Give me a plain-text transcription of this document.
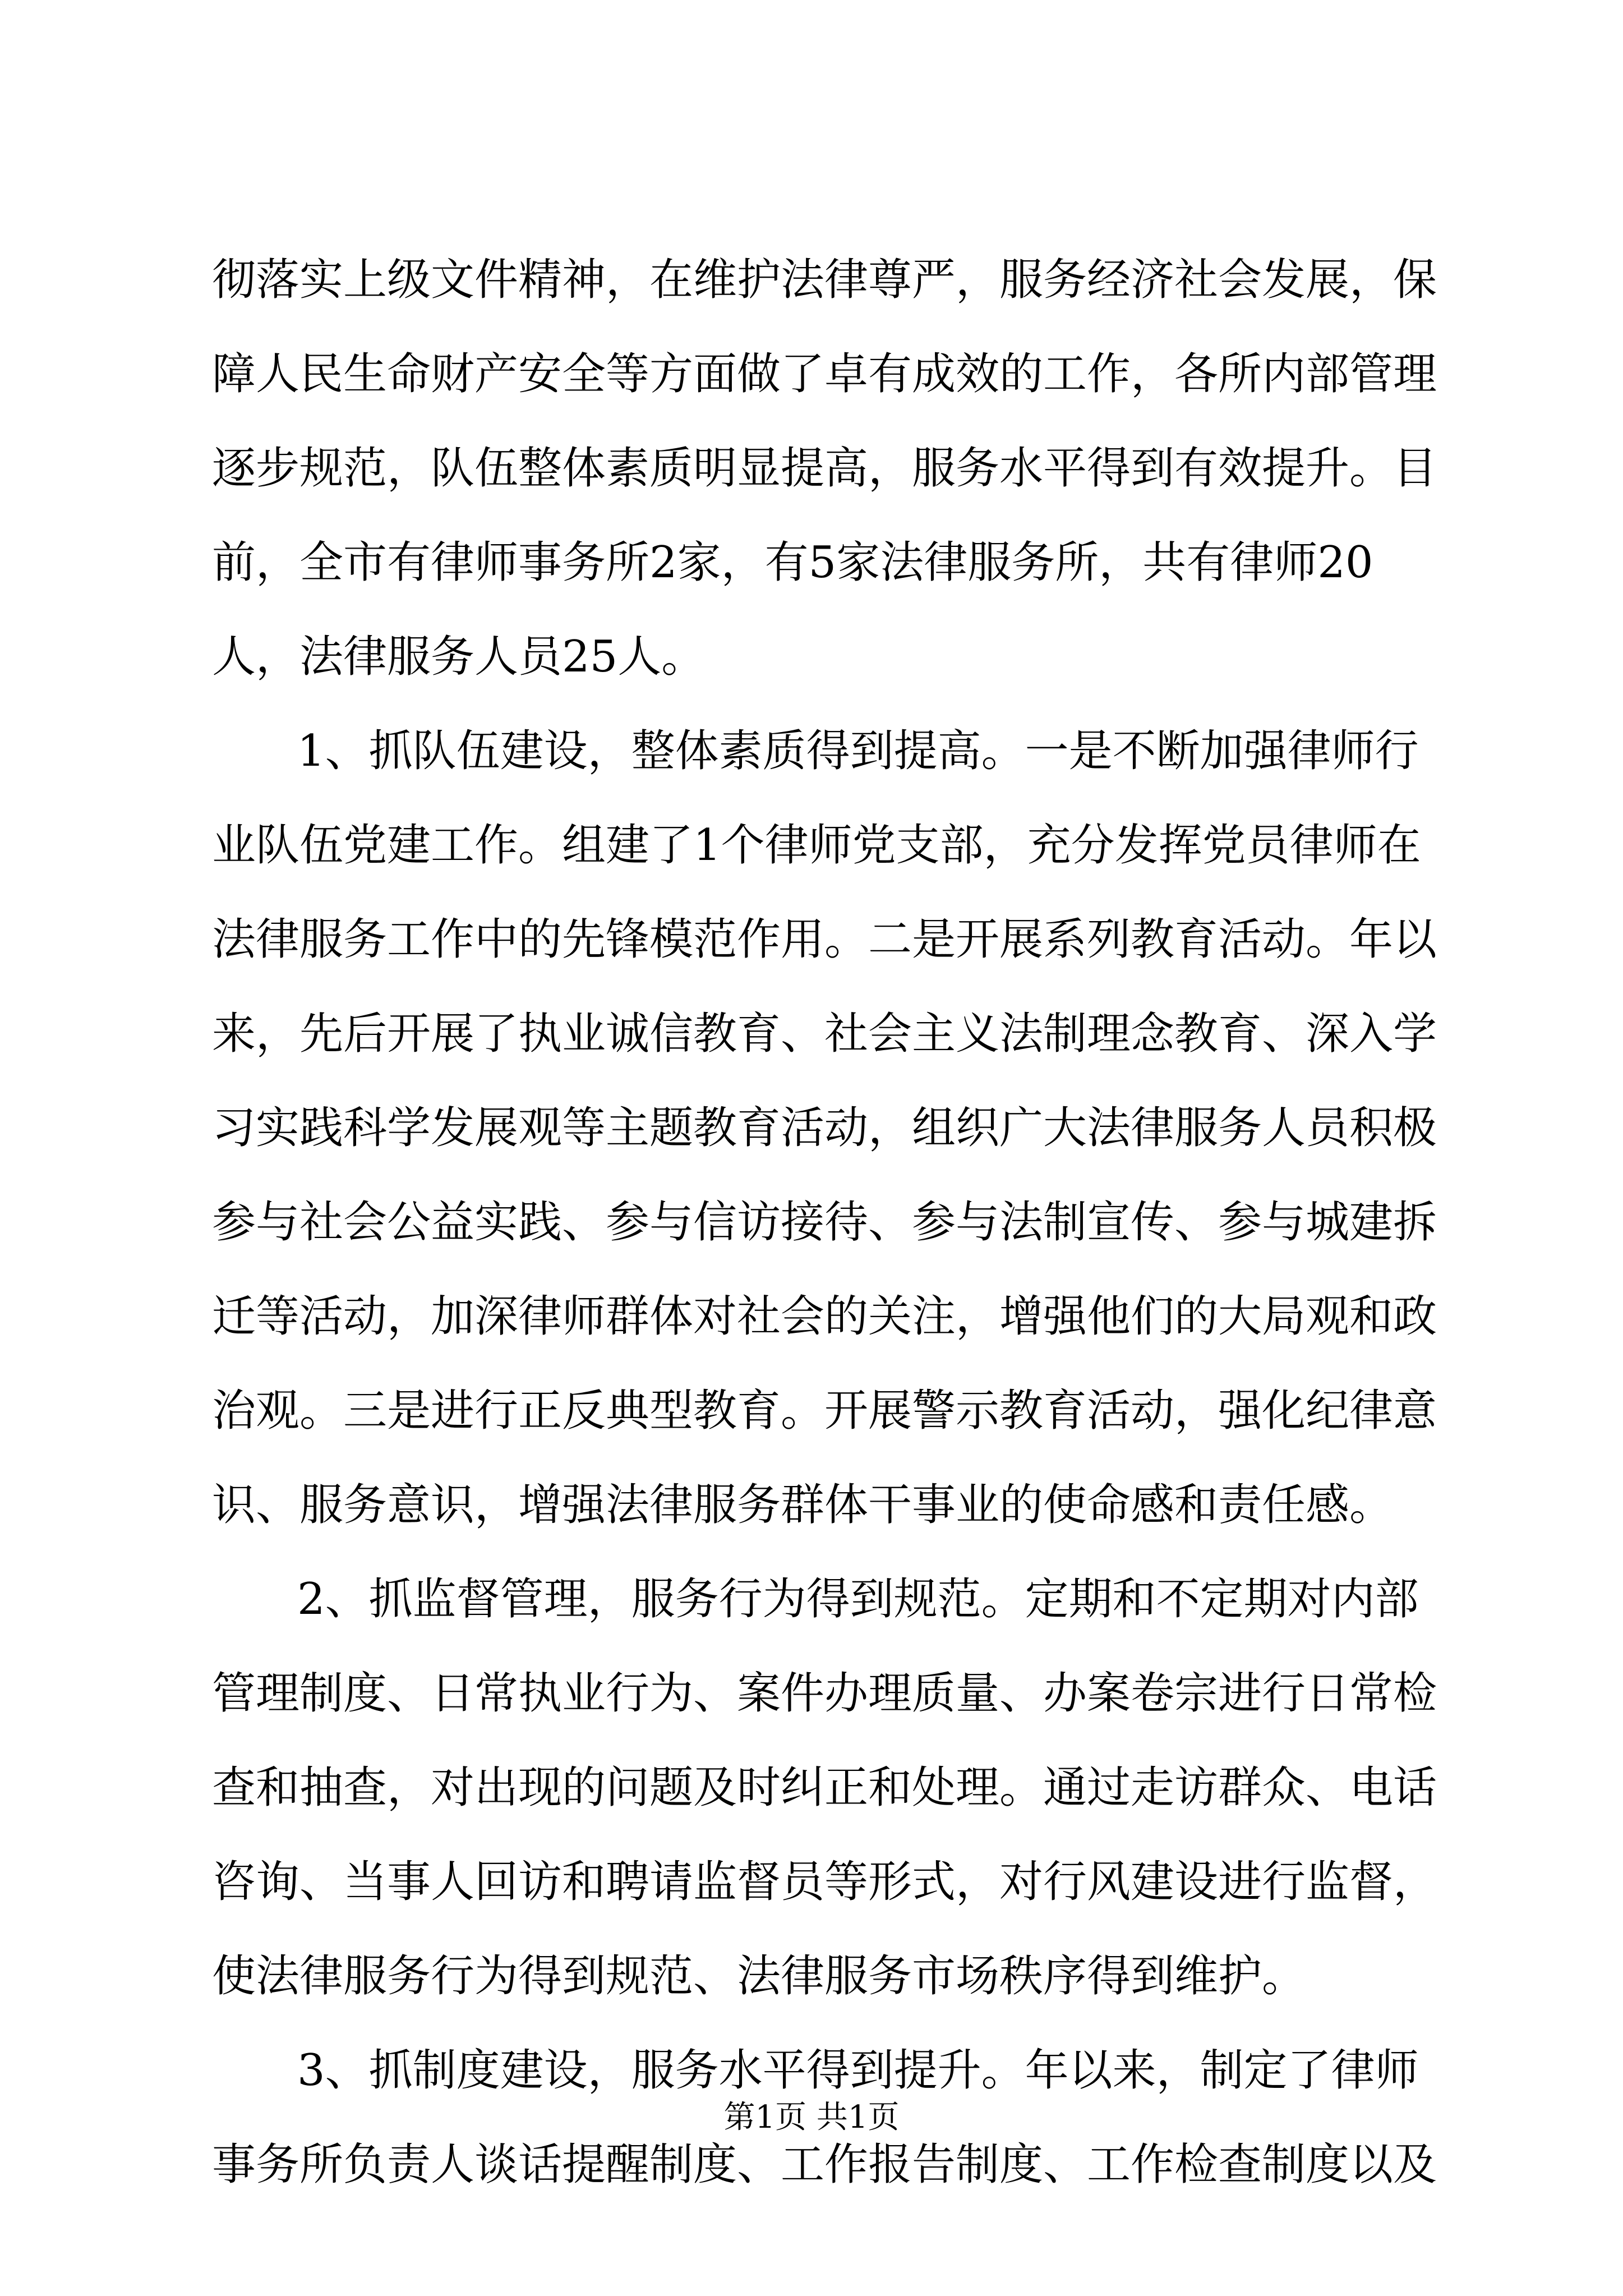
彻落实上级文件精神，在维护法律尊严，服务经济社会发展，保
障人民生命财产安全等方面做了卓有成效的工作，各所内部管理
逐步规范，队伍整体素质明显提高，服务水平得到有效提升。目
前，全市有律师事务所2家，有5家法律服务所，共有律师20
人，法律服务人员25人。
1、抓队伍建设，整体素质得到提高。一是不断加强律师行
业队伍党建工作。组建了1个律师党支部，充分发挥党员律师在
法律服务工作中的先锋模范作用。二是开展系列教育活动。年以
来，先后开展了执业诚信教育、社会主义法制理念教育、深入学
习实践科学发展观等主题教育活动，组织广大法律服务人员积极
参与社会公益实践、参与信访接待、参与法制宣传、参与城建拆
迁等活动，加深律师群体对社会的关注，增强他们的大局观和政
治观。三是进行正反典型教育。开展警示教育活动，强化纪律意
识、服务意识，增强法律服务群体干事业的使命感和责任感。
2、抓监督管理，服务行为得到规范。定期和不定期对内部
管理制度、日常执业行为、案件办理质量、办案卷宗进行日常检
查和抽查，对出现的问题及时纠正和处理。通过走访群众、电话
咨询、当事人回访和聘请监督员等形式，对行风建设进行监督，
使法律服务行为得到规范、法律服务市场秩序得到维护。
3、抓制度建设，服务水平得到提升。年以来，制定了律师
事务所负责人谈话提醒制度、工作报告制度、工作检查制度以及
第1页 共1页
